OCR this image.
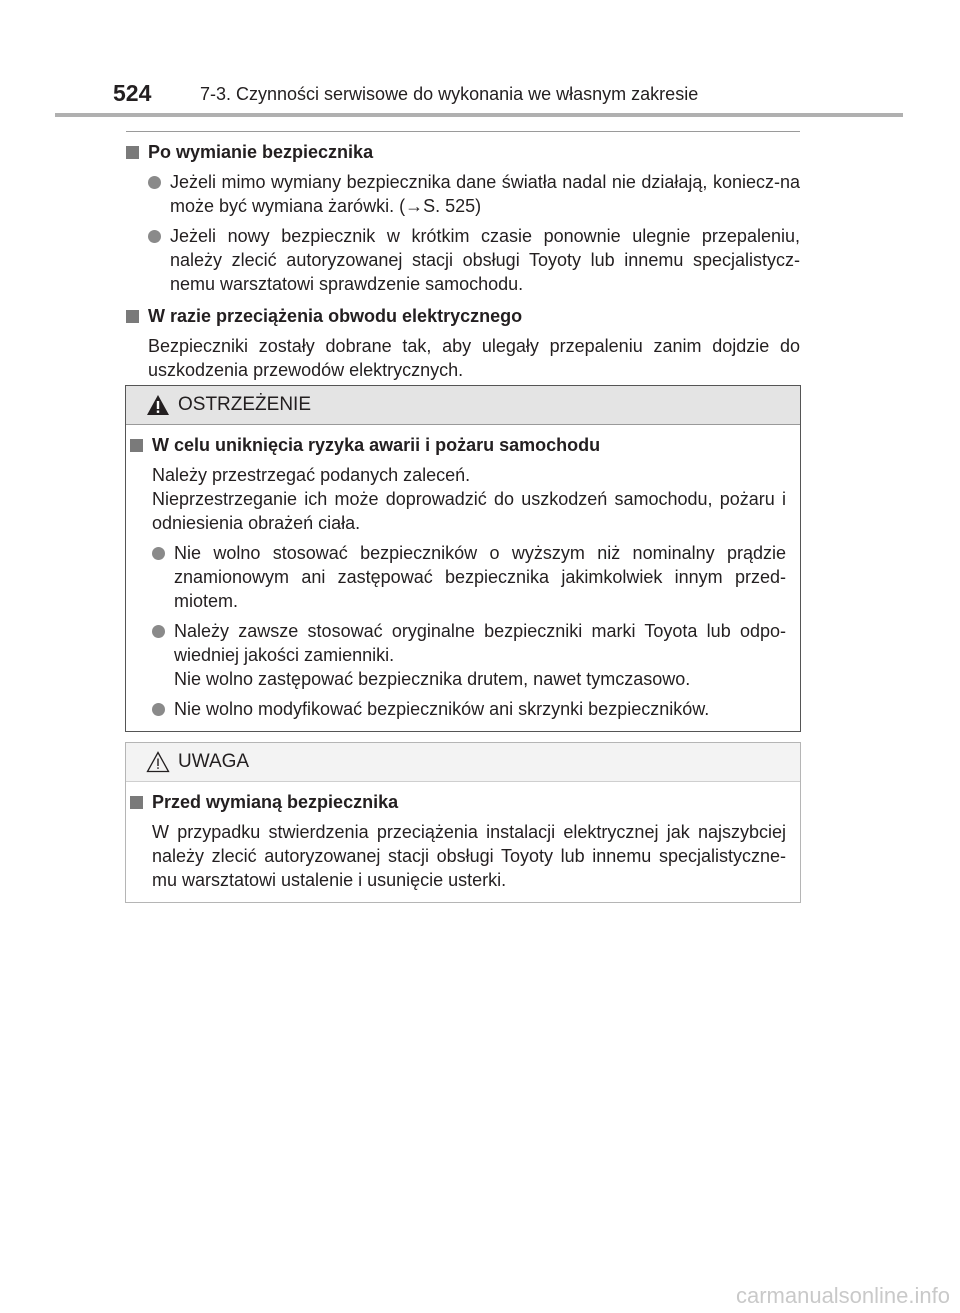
524	7-3. Czynności serwisowe do wykonania we własnym zakresie
Po wymianie bezpiecznika
Jeżeli mimo wymiany bezpiecznika dane światła nadal nie działają, koniecz-na może być wymiana żarówki. (→S. 525)
Jeżeli nowy bezpiecznik w krótkim czasie ponownie ulegnie przepaleniu, należy zlecić autoryzowanej stacji obsługi Toyoty lub innemu specjalistycz-nemu warsztatowi sprawdzenie samochodu.
W razie przeciążenia obwodu elektrycznego
Bezpieczniki zostały dobrane tak, aby ulegały przepaleniu zanim dojdzie do uszkodzenia przewodów elektrycznych.
OSTRZEŻENIE
W celu uniknięcia ryzyka awarii i pożaru samochodu
Należy przestrzegać podanych zaleceń.
Nieprzestrzeganie ich może doprowadzić do uszkodzeń samochodu, pożaru i odniesienia obrażeń ciała.
Nie wolno stosować bezpieczników o wyższym niż nominalny prądzie znamionowym ani zastępować bezpiecznika jakimkolwiek innym przed-miotem.
Należy zawsze stosować oryginalne bezpieczniki marki Toyota lub odpo-wiedniej jakości zamienniki.
Nie wolno zastępować bezpiecznika drutem, nawet tymczasowo.
Nie wolno modyfikować bezpieczników ani skrzynki bezpieczników.
UWAGA
Przed wymianą bezpiecznika
W przypadku stwierdzenia przeciążenia instalacji elektrycznej jak najszybciej należy zlecić autoryzowanej stacji obsługi Toyoty lub innemu specjalistyczne-mu warsztatowi ustalenie i usunięcie usterki.
carmanualsonline.info
